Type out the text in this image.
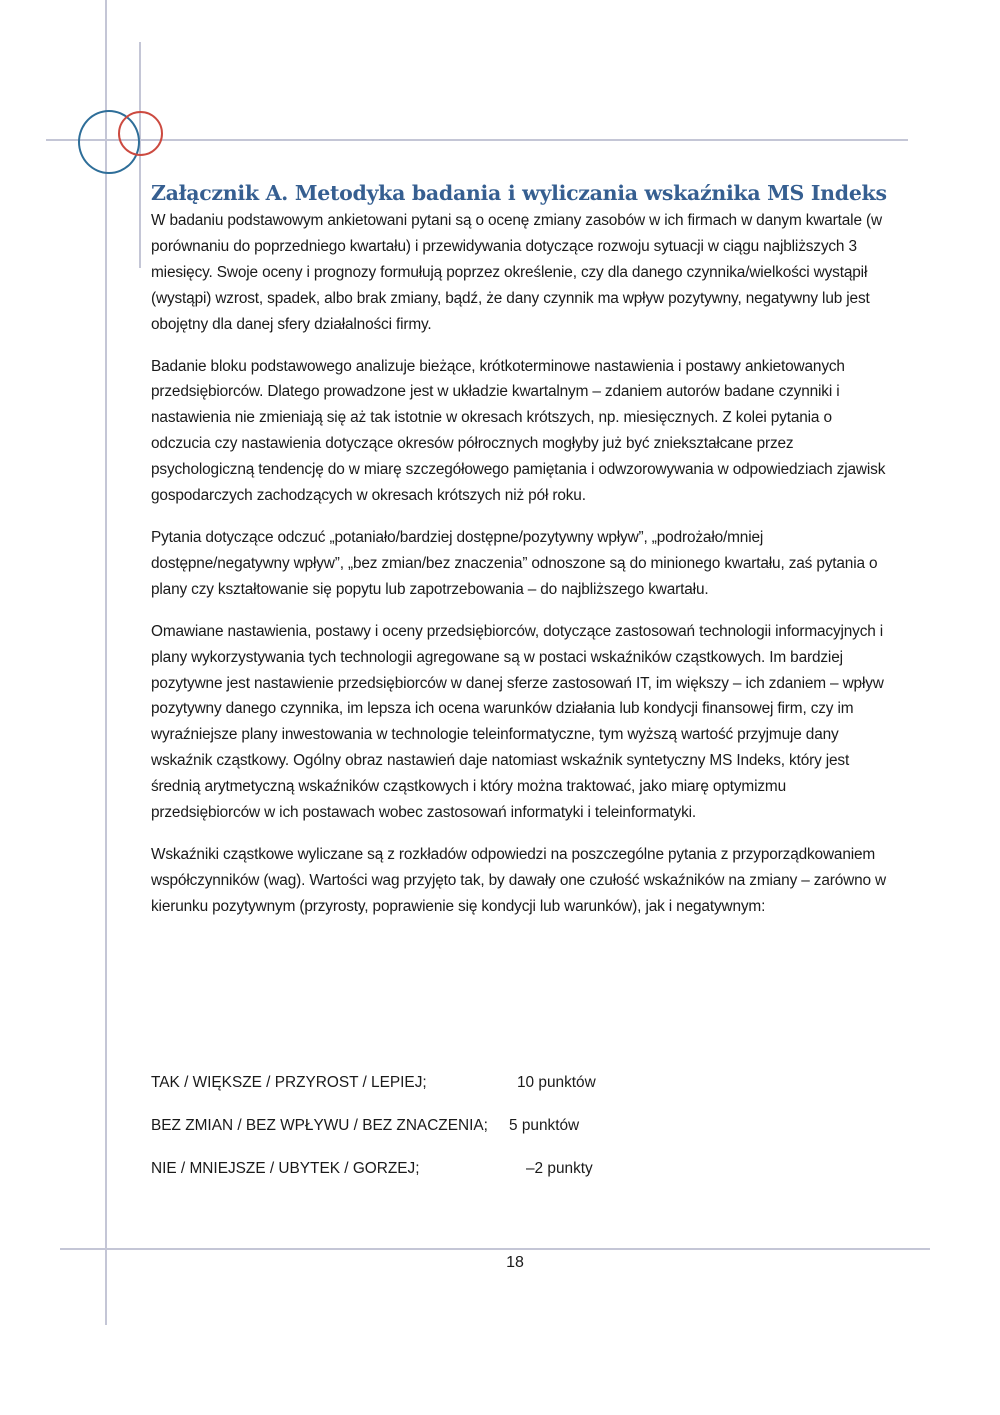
Załącznik A. Metodyka badania i wyliczania wskaźnika MS Indeks

W badaniu podstawowym ankietowani pytani są o ocenę zmiany zasobów w ich firmach w danym kwartale (w porównaniu do poprzedniego kwartału) i przewidywania dotyczące rozwoju sytuacji w ciągu najbliższych 3 miesięcy. Swoje oceny i prognozy formułują poprzez określenie, czy dla danego czynnika/wielkości wystąpił (wystąpi) wzrost, spadek, albo brak zmiany, bądź, że dany czynnik ma wpływ pozytywny, negatywny lub jest obojętny dla danej sfery działalności firmy.

Badanie bloku podstawowego analizuje bieżące, krótkoterminowe nastawienia i postawy ankietowanych przedsiębiorców. Dlatego prowadzone jest w układzie kwartalnym – zdaniem autorów badane czynniki i nastawienia nie zmieniają się aż tak istotnie w okresach krótszych, np. miesięcznych. Z kolei pytania o odczucia czy nastawienia dotyczące okresów półrocznych mogłyby już być zniekształcane przez psychologiczną tendencję do w miarę szczegółowego pamiętania i odwzorowywania w odpowiedziach zjawisk gospodarczych zachodzących w okresach krótszych niż pół roku.

Pytania dotyczące odczuć „potaniało/bardziej dostępne/pozytywny wpływ”, „podrożało/mniej dostępne/negatywny wpływ”, „bez zmian/bez znaczenia” odnoszone są do minionego kwartału, zaś pytania o plany czy kształtowanie się popytu lub zapotrzebowania – do najbliższego kwartału.

Omawiane nastawienia, postawy i oceny przedsiębiorców, dotyczące zastosowań technologii informacyjnych i plany wykorzystywania tych technologii agregowane są w postaci wskaźników cząstkowych. Im bardziej pozytywne jest nastawienie przedsiębiorców w danej sferze zastosowań IT, im większy – ich zdaniem – wpływ pozytywny danego czynnika, im lepsza ich ocena warunków działania lub kondycji finansowej firm, czy im wyraźniejsze plany inwestowania w technologie teleinformatyczne, tym wyższą wartość przyjmuje dany wskaźnik cząstkowy. Ogólny obraz nastawień daje natomiast wskaźnik syntetyczny MS Indeks, który jest średnią arytmetyczną wskaźników cząstkowych i który można traktować, jako miarę optymizmu przedsiębiorców w ich postawach wobec zastosowań informatyki i teleinformatyki.

Wskaźniki cząstkowe wyliczane są z rozkładów odpowiedzi na poszczególne pytania z przyporządkowaniem współczynników (wag). Wartości wag przyjęto tak, by dawały one czułość wskaźników na zmiany – zarówno w kierunku pozytywnym (przyrosty, poprawienie się kondycji lub warunków), jak i negatywnym:

TAK / WIĘKSZE / PRZYROST / LEPIEJ;	10 punktów
BEZ ZMIAN / BEZ WPŁYWU / BEZ ZNACZENIA; 5 punktów
NIE / MNIEJSZE / UBYTEK / GORZEJ;	–2 punkty
18
